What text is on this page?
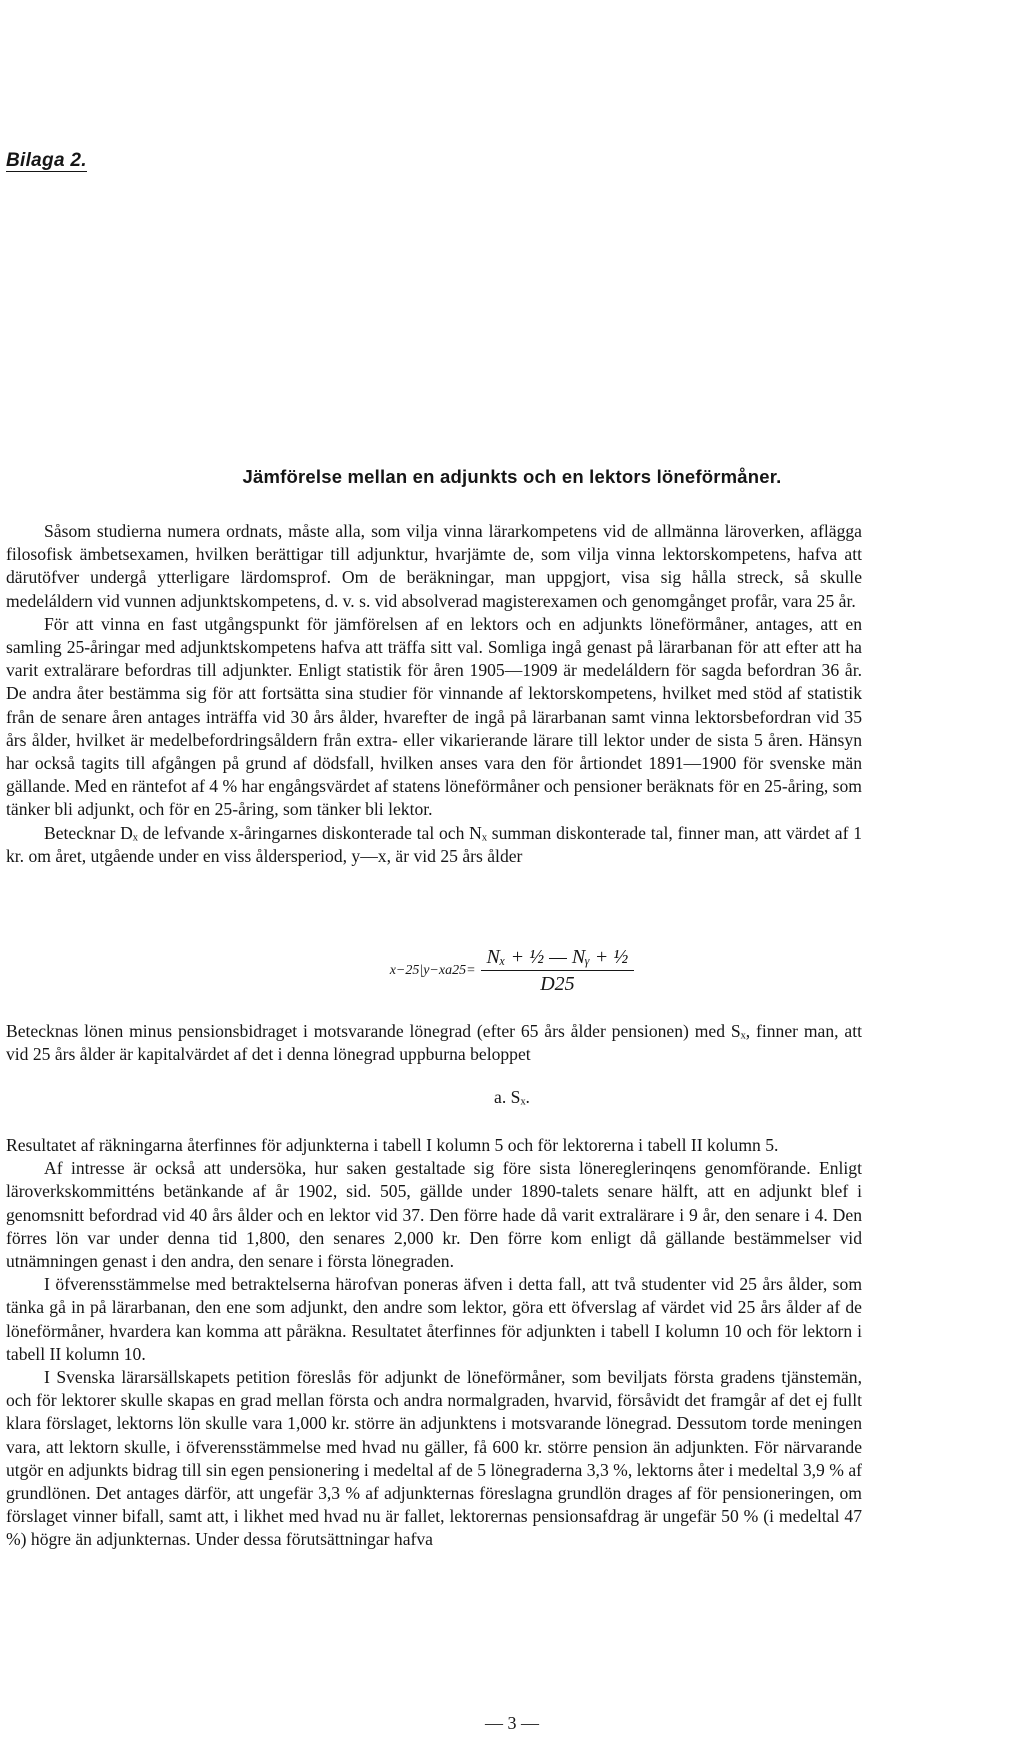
Bilaga 2.
Jämförelse mellan en adjunkts och en lektors löneförmåner.

Såsom studierna numera ordnats, måste alla, som vilja vinna lärarkompetens vid de allmänna läroverken, aflägga filosofisk ämbetsexamen, hvilken berättigar till adjunktur, hvarjämte de, som vilja vinna lektorskompetens, hafva att därutöfver undergå ytterligare lärdomsprof. Om de beräkningar, man uppgjort, visa sig hålla streck, så skulle medeláldern vid vunnen adjunktskompetens, d. v. s. vid absolverad magisterexamen och genomgånget profår, vara 25 år.

För att vinna en fast utgångspunkt för jämförelsen af en lektors och en adjunkts löneförmåner, antages, att en samling 25-åringar med adjunktskompetens hafva att träffa sitt val. Somliga ingå genast på lärarbanan för att efter att ha varit extralärare befordras till adjunkter. Enligt statistik för åren 1905—1909 är medeláldern för sagda befordran 36 år. De andra åter bestämma sig för att fortsätta sina studier för vinnande af lektorskompetens, hvilket med stöd af statistik från de senare åren antages inträffa vid 30 års ålder, hvarefter de ingå på lärarbanan samt vinna lektorsbefordran vid 35 års ålder, hvilket är medelbefordringsåldern från extra- eller vikarierande lärare till lektor under de sista 5 åren. Hänsyn har också tagits till afgången på grund af dödsfall, hvilken anses vara den för årtiondet 1891—1900 för svenske män gällande. Med en räntefot af 4 % har engångsvärdet af statens löneförmåner och pensioner beräknats för en 25-åring, som tänker bli adjunkt, och för en 25-åring, som tänker bli lektor.

Betecknar Dₓ de lefvande x-åringarnes diskonterade tal och Nₓ summan diskonterade tal, finner man, att värdet af 1 kr. om året, utgående under en viss åldersperiod, y—x, är vid 25 års ålder

$x-25|y-xa25= \frac{\text{Nₓ + ½ — Nᵧ + ½}}{D25}$

Betecknas lönen minus pensionsbidraget i motsvarande lönegrad (efter 65 års ålder pensionen) med Sₓ, finner man, att vid 25 års ålder är kapitalvärdet af det i denna lönegrad uppburna beloppet

a. Sₓ.

Resultatet af räkningarna återfinnes för adjunkterna i tabell I kolumn 5 och för lektorerna i tabell II kolumn 5.

Af intresse är också att undersöka, hur saken gestaltade sig före sista lönereglerinqens genomförande. Enligt läroverkskommitténs betänkande af år 1902, sid. 505, gällde under 1890-talets senare hälft, att en adjunkt blef i genomsnitt befordrad vid 40 års ålder och en lektor vid 37. Den förre hade då varit extralärare i 9 år, den senare i 4. Den förres lön var under denna tid 1,800, den senares 2,000 kr. Den förre kom enligt då gällande bestämmelser vid utnämningen genast i den andra, den senare i första lönegraden.

I öfverensstämmelse med betraktelserna härofvan poneras äfven i detta fall, att två studenter vid 25 års ålder, som tänka gå in på lärarbanan, den ene som adjunkt, den andre som lektor, göra ett öfverslag af värdet vid 25 års ålder af de löneförmåner, hvardera kan komma att påräkna. Resultatet återfinnes för adjunkten i tabell I kolumn 10 och för lektorn i tabell II kolumn 10.

I Svenska lärarsällskapets petition föreslås för adjunkt de löneförmåner, som beviljats första gradens tjänstemän, och för lektorer skulle skapas en grad mellan första och andra normalgraden, hvarvid, försåvidt det framgår af det ej fullt klara förslaget, lektorns lön skulle vara 1,000 kr. större än adjunktens i motsvarande lönegrad. Dessutom torde meningen vara, att lektorn skulle, i öfverensstämmelse med hvad nu gäller, få 600 kr. större pension än adjunkten. För närvarande utgör en adjunkts bidrag till sin egen pensionering i medeltal af de 5 lönegraderna 3,3 %, lektorns åter i medeltal 3,9 % af grundlönen. Det antages därför, att ungefär 3,3 % af adjunkternas föreslagna grundlön drages af för pensioneringen, om förslaget vinner bifall, samt att, i likhet med hvad nu är fallet, lektorernas pensionsafdrag är ungefär 50 % (i medeltal 47 %) högre än adjunkternas. Under dessa förutsättningar hafva

— 3 —
